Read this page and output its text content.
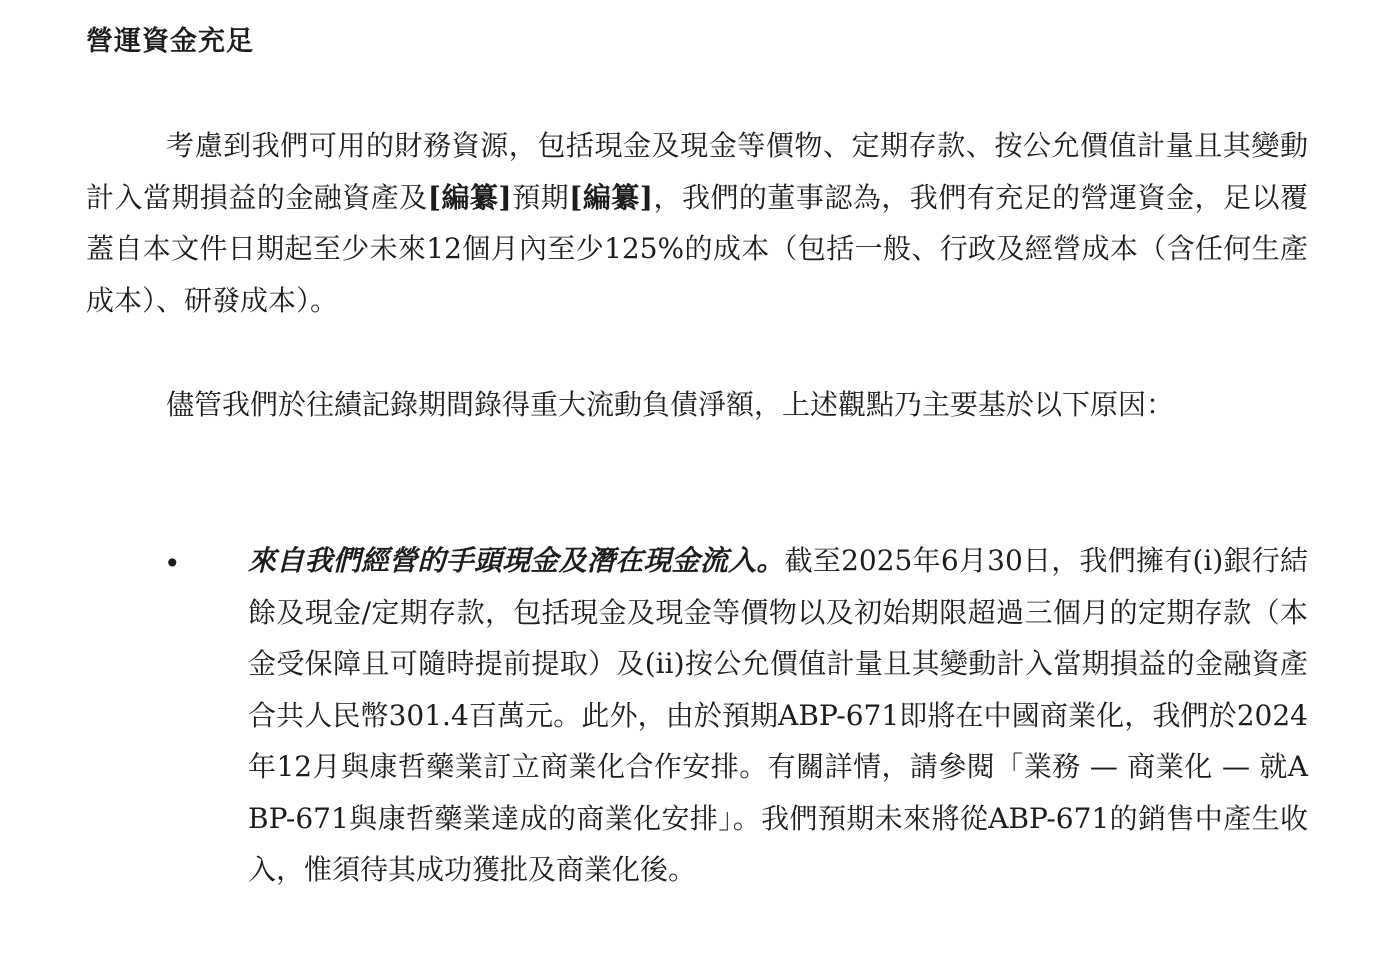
營運資金充足

考慮到我們可用的財務資源，包括現金及現金等價物、定期存款、按公允價值計量且其變動計入當期損益的金融資產及[編纂]預期[編纂]，我們的董事認為，我們有充足的營運資金，足以覆蓋自本文件日期起至少未來12個月內至少125%的成本（包括一般、行政及經營成本（含任何生產成本）、研發成本）。

儘管我們於往績記錄期間錄得重大流動負債淨額，上述觀點乃主要基於以下原因：

• 來自我們經營的手頭現金及潛在現金流入。截至2025年6月30日，我們擁有(i)銀行結餘及現金/定期存款，包括現金及現金等價物以及初始期限超過三個月的定期存款（本金受保障且可隨時提前提取）及(ii)按公允價值計量且其變動計入當期損益的金融資產合共人民幣301.4百萬元。此外，由於預期ABP-671即將在中國商業化，我們於2024年12月與康哲藥業訂立商業化合作安排。有關詳情，請參閱「業務 — 商業化 — 就ABP-671與康哲藥業達成的商業化安排」。我們預期未來將從ABP-671的銷售中產生收入，惟須待其成功獲批及商業化後。
